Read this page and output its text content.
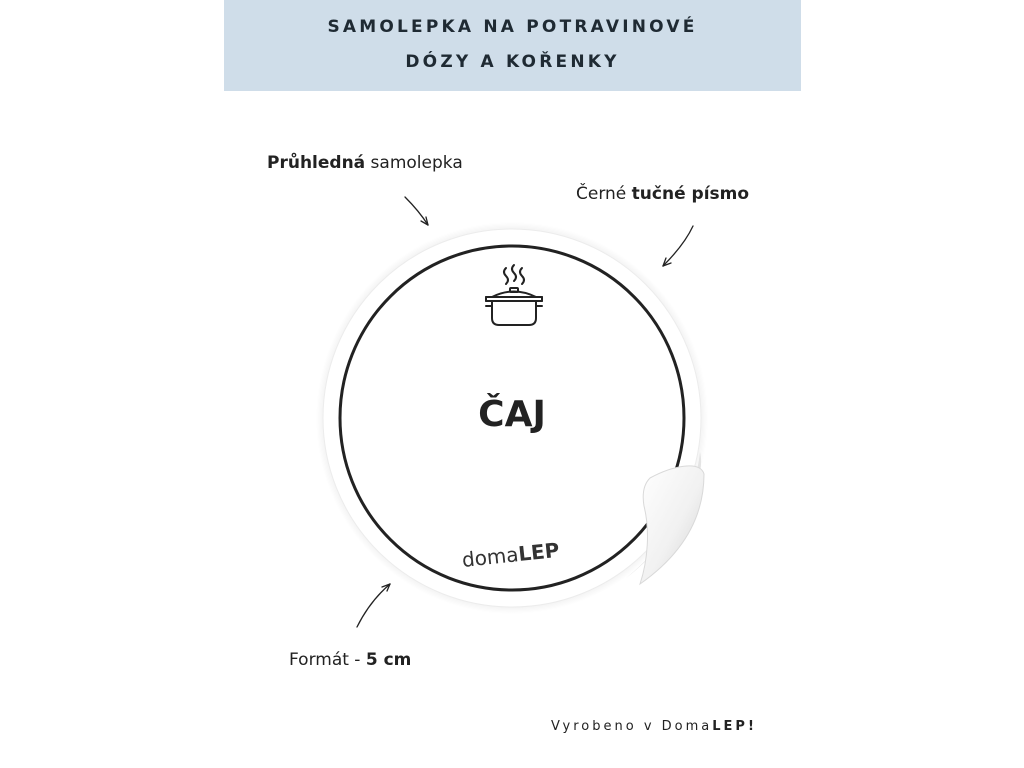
SAMOLEPKA NA POTRAVINOVÉ
DÓZY A KOŘENKY
Průhledná samolepka
Černé tučné písmo
Formát - 5 cm
ČAJ
domaLEP
Vyrobeno v DomaLEP!
